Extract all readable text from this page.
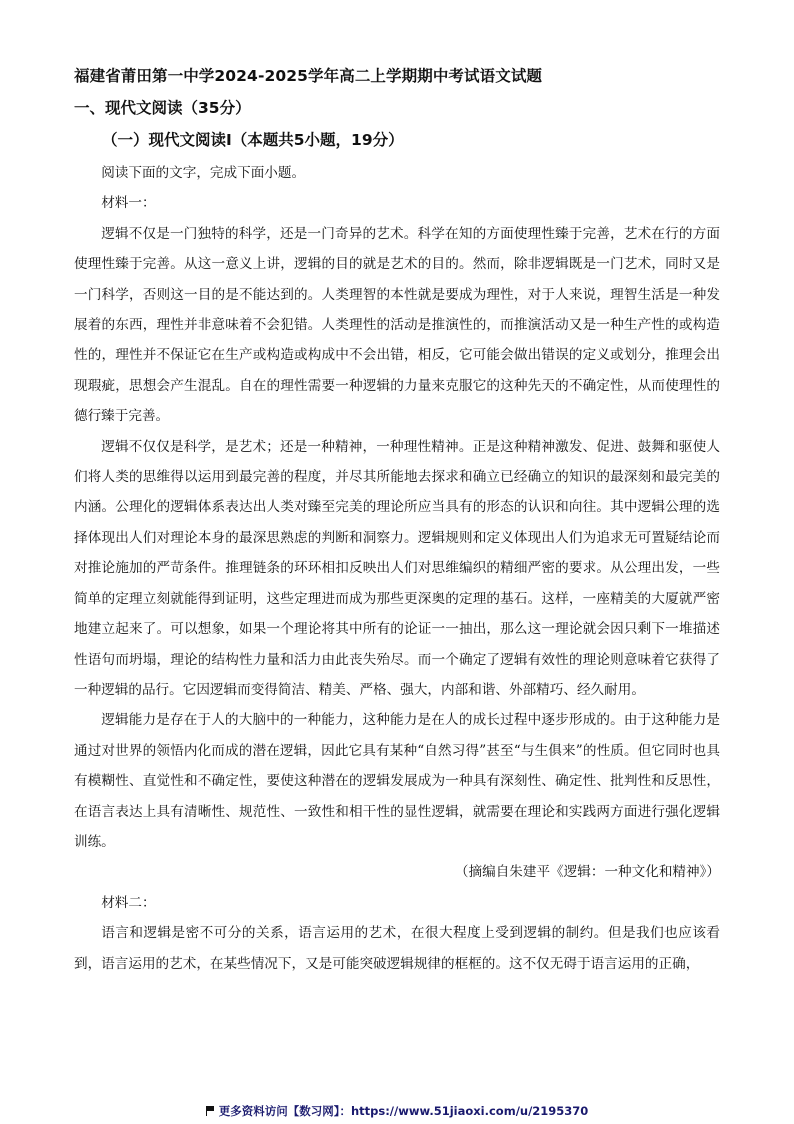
福建省莆田第一中学2024-2025学年高二上学期期中考试语文试题
一、现代文阅读（35分）
（一）现代文阅读Ⅰ（本题共5小题，19分）

阅读下面的文字，完成下面小题。

材料一：

逻辑不仅是一门独特的科学，还是一门奇异的艺术。科学在知的方面使理性臻于完善，艺术在行的方面使理性臻于完善。从这一意义上讲，逻辑的目的就是艺术的目的。然而，除非逻辑既是一门艺术，同时又是一门科学，否则这一目的是不能达到的。人类理智的本性就是要成为理性，对于人来说，理智生活是一种发展着的东西，理性并非意味着不会犯错。人类理性的活动是推演性的，而推演活动又是一种生产性的或构造性的，理性并不保证它在生产或构造或构成中不会出错，相反，它可能会做出错误的定义或划分，推理会出现瑕疵，思想会产生混乱。自在的理性需要一种逻辑的力量来克服它的这种先天的不确定性，从而使理性的德行臻于完善。

逻辑不仅仅是科学，是艺术；还是一种精神，一种理性精神。正是这种精神激发、促进、鼓舞和驱使人们将人类的思维得以运用到最完善的程度，并尽其所能地去探求和确立已经确立的知识的最深刻和最完美的内涵。公理化的逻辑体系表达出人类对臻至完美的理论所应当具有的形态的认识和向往。其中逻辑公理的选择体现出人们对理论本身的最深思熟虑的判断和洞察力。逻辑规则和定义体现出人们为追求无可置疑结论而对推论施加的严苛条件。推理链条的环环相扣反映出人们对思维编织的精细严密的要求。从公理出发，一些简单的定理立刻就能得到证明，这些定理进而成为那些更深奥的定理的基石。这样，一座精美的大厦就严密地建立起来了。可以想象，如果一个理论将其中所有的论证一一抽出，那么这一理论就会因只剩下一堆描述性语句而坍塌，理论的结构性力量和活力由此丧失殆尽。而一个确定了逻辑有效性的理论则意味着它获得了一种逻辑的品行。它因逻辑而变得简洁、精美、严格、强大，内部和谐、外部精巧、经久耐用。

逻辑能力是存在于人的大脑中的一种能力，这种能力是在人的成长过程中逐步形成的。由于这种能力是通过对世界的领悟内化而成的潜在逻辑，因此它具有某种“自然习得”甚至“与生俱来”的性质。但它同时也具有模糊性、直觉性和不确定性，要使这种潜在的逻辑发展成为一种具有深刻性、确定性、批判性和反思性，在语言表达上具有清晰性、规范性、一致性和相干性的显性逻辑，就需要在理论和实践两方面进行强化逻辑训练。

（摘编自朱建平《逻辑：一种文化和精神》）

材料二：

语言和逻辑是密不可分的关系，语言运用的艺术，在很大程度上受到逻辑的制约。但是我们也应该看到，语言运用的艺术，在某些情况下，又是可能突破逻辑规律的框框的。这不仅无碍于语言运用的正确，

更多资料访问【数习网】：https://www.51jiaoxi.com/u/2195370
